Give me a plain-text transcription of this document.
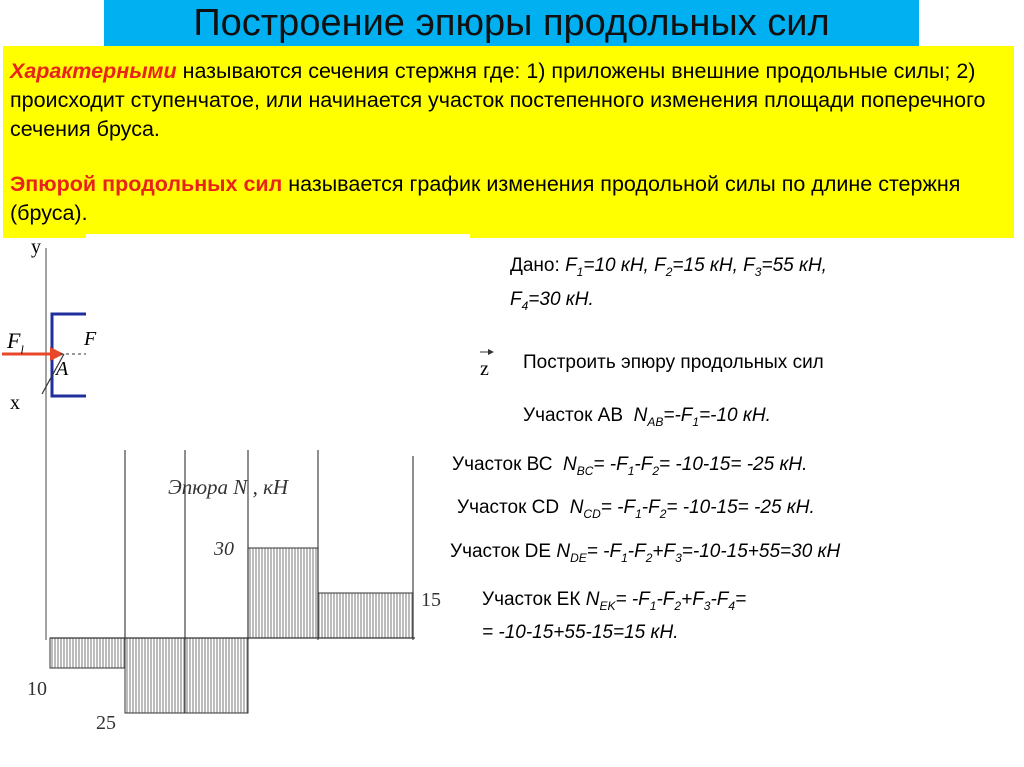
Построение эпюры продольных сил

Характерными называются сечения стержня где: 1) приложены внешние продольные силы; 2) происходит ступенчатое, или начинается участок постепенного изменения площади поперечного сечения бруса.

Эпюрой продольных сил называется график изменения продольной силы по длине стержня (бруса).

F
y
x
z
A
$F_l$
Эпюра N , кН
30
15
10
25
Дано: $F_1=10$ кН, $F_2=15$ кН, $F_3=55$ кН,
$F_4=30$ кН.
Построить эпюру продольных сил
Участок АВ $N_{AB}=-F_1=-10$ кН.
Участок ВС $N_{BC}= -F_1-F_2= -10-15= -25$ кН.
Участок CD $N_{CD}= -F_1-F_2= -10-15= -25$ кН.
Участок DE $N_{DE}= -F_1-F_2+F_3=-10-15+55=30$ кН
Участок ЕК $N_{EK}= -F_1-F_2+F_3-F_4=$
= -10-15+55-15=15 кН.
